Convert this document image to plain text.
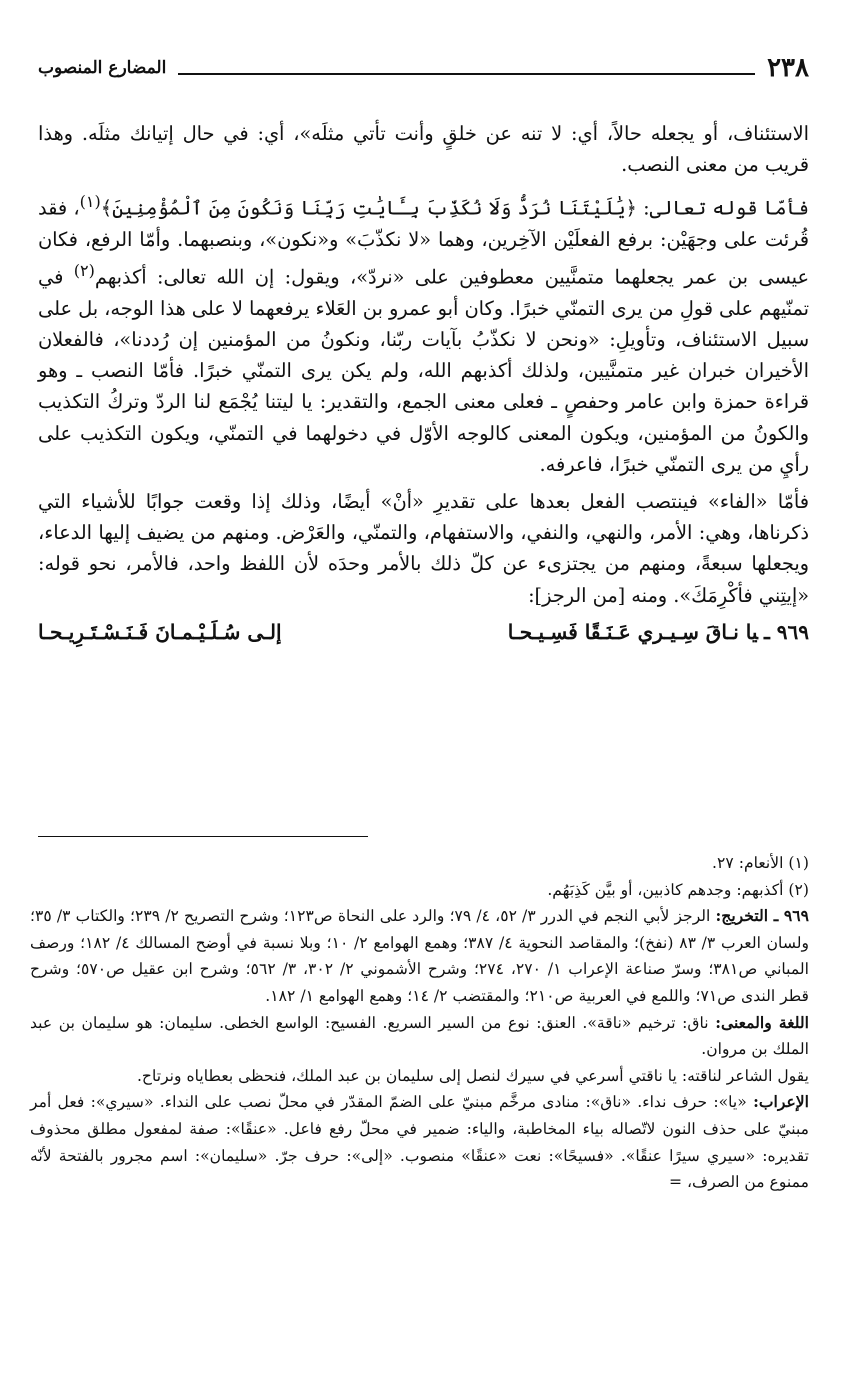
٢٣٨
المضارع المنصوب

الاستئناف، أو يجعله حالاً، أي: لا تنه عن خلقٍ وأنت تأتي مثلَه»، أي: في حال إتيانك مثلَه. وهذا قريب من معنى النصب.

فأمّا قوله تعالى: ﴿يَٰلَيْتَنَا نُرَدُّ وَلَا نُكَذِّبَ بِـَٔايَٰتِ رَبِّنَا وَنَكُونَ مِنَ ٱلْمُؤْمِنِينَ﴾$^{(١)}$، فقد قُرئت على وجهَيْن: برفع الفعلَيْن الآخِرين، وهما «لا نكذّبَ» و«نكون»، وبنصبهما. وأمّا الرفع، فكان عيسى بن عمر يجعلهما متمنَّيين معطوفين على «نردّ»، ويقول: إن الله تعالى: أكذبهم$^{(٢)}$ في تمنّيهم على قولِ من يرى التمنّي خبرًا. وكان أبو عمرو بن العَلاء يرفعهما لا على هذا الوجه، بل على سبيل الاستئناف، وتأويلِ: «ونحن لا نكذّبُ بآيات ربّنا، ونكونُ من المؤمنين إن رُددنا»، فالفعلان الأخيران خبران غير متمنَّيين، ولذلك أكذبهم الله، ولم يكن يرى التمنّي خبرًا. فأمّا النصب ـ وهو قراءة حمزة وابن عامر وحفصٍ ـ فعلى معنى الجمع، والتقدير: يا ليتنا يُجْمَع لنا الردّ وتركُ التكذيب والكونُ من المؤمنين، ويكون المعنى كالوجه الأوّل في دخولهما في التمنّي، ويكون التكذيب على رأيِ من يرى التمنّي خبرًا، فاعرفه.

فأمّا «الفاء» فينتصب الفعل بعدها على تقديرِ «أنْ» أيضًا، وذلك إذا وقعت جوابًا للأشياء التي ذكرناها، وهي: الأمر، والنهي، والنفي، والاستفهام، والتمنّي، والعَرْض. ومنهم من يضيف إليها الدعاء، ويجعلها سبعةً، ومنهم من يجتزىء عن كلّ ذلك بالأمر وحدَه لأن اللفظ واحد، فالأمر، نحو قوله: «إيتِني فأكْرِمَكَ». ومنه [من الرجز]:

٩٦٩ ـيا نـاقَ سِـيـري عَـنَـقًا فَسِـيـحـا
إلـى سُـلَـيْـمـانَ فَـنَـسْـتَـرِيـحـا

(١) الأنعام: ٢٧.

(٢) أكذبهم: وجدهم كاذبين، أو بيَّن كَذِبَهُم.

٩٦٩ ـ التخريج: الرجز لأبي النجم في الدرر ٣/ ٥٢، ٤/ ٧٩؛ والرد على النحاة ص١٢٣؛ وشرح التصريح ٢/ ٢٣٩؛ والكتاب ٣/ ٣٥؛ ولسان العرب ٣/ ٨٣ (نفخ)؛ والمقاصد النحوية ٤/ ٣٨٧؛ وهمع الهوامع ٢/ ١٠؛ وبلا نسبة في أوضح المسالك ٤/ ١٨٢؛ ورصف المباني ص٣٨١؛ وسرّ صناعة الإعراب ١/ ٢٧٠، ٢٧٤؛ وشرح الأشموني ٢/ ٣٠٢، ٣/ ٥٦٢؛ وشرح ابن عقيل ص٥٧٠؛ وشرح قطر الندى ص٧١؛ واللمع في العربية ص٢١٠؛ والمقتضب ٢/ ١٤؛ وهمع الهوامع ١/ ١٨٢.

اللغة والمعنى: ناق: ترخيم «ناقة». العنق: نوع من السير السريع. الفسيح: الواسع الخطى. سليمان: هو سليمان بن عبد الملك بن مروان.

يقول الشاعر لناقته: يا ناقتي أسرعي في سيرك لنصل إلى سليمان بن عبد الملك، فنحظى بعطاياه ونرتاح.

الإعراب: «يا»: حرف نداء. «ناق»: منادى مرخَّم مبنيّ على الضمّ المقدّر في محلّ نصب على النداء. «سيري»: فعل أمر مبنيّ على حذف النون لاتّصاله بياء المخاطبة، والياء: ضمير في محلّ رفع فاعل. «عنقًا»: صفة لمفعول مطلق محذوف تقديره: «سيري سيرًا عنقًا». «فسيحًا»: نعت «عنقًا» منصوب. «إلى»: حرف جرّ. «سليمان»: اسم مجرور بالفتحة لأنّه ممنوع من الصرف، =
